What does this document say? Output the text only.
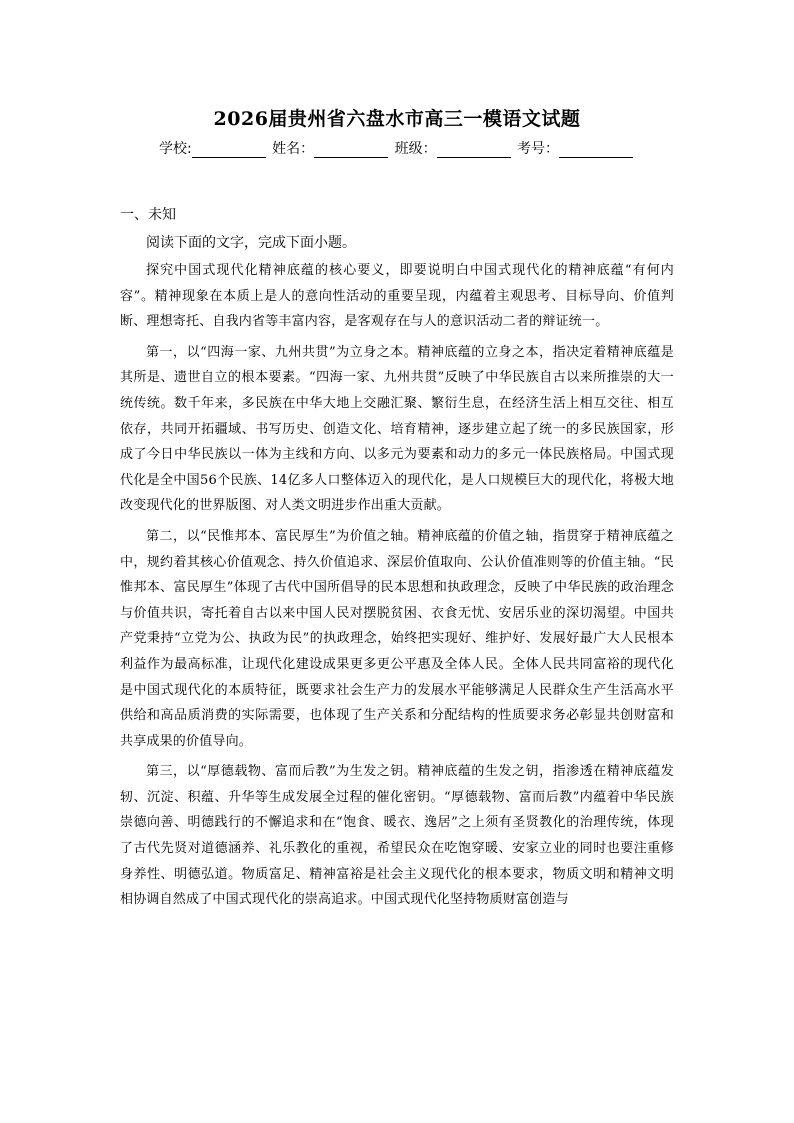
2026届贵州省六盘水市高三一模语文试题
学校:	姓名：	班级：	考号：
一、未知
阅读下面的文字，完成下面小题。

探究中国式现代化精神底蕴的核心要义，即要说明白中国式现代化的精神底蕴“有何内容”。精神现象在本质上是人的意向性活动的重要呈现，内蕴着主观思考、目标导向、价值判断、理想寄托、自我内省等丰富内容，是客观存在与人的意识活动二者的辩证统一。

第一，以“四海一家、九州共贯”为立身之本。精神底蕴的立身之本，指决定着精神底蕴是其所是、遗世自立的根本要素。“四海一家、九州共贯”反映了中华民族自古以来所推崇的大一统传统。数千年来，多民族在中华大地上交融汇聚、繁衍生息，在经济生活上相互交往、相互依存，共同开拓疆域、书写历史、创造文化、培育精神，逐步建立起了统一的多民族国家，形成了今日中华民族以一体为主线和方向、以多元为要素和动力的多元一体民族格局。中国式现代化是全中国56个民族、14亿多人口整体迈入的现代化，是人口规模巨大的现代化，将极大地改变现代化的世界版图、对人类文明进步作出重大贡献。

第二，以“民惟邦本、富民厚生”为价值之轴。精神底蕴的价值之轴，指贯穿于精神底蕴之中，规约着其核心价值观念、持久价值追求、深层价值取向、公认价值准则等的价值主轴。“民惟邦本、富民厚生”体现了古代中国所倡导的民本思想和执政理念，反映了中华民族的政治理念与价值共识，寄托着自古以来中国人民对摆脱贫困、衣食无忧、安居乐业的深切渴望。中国共产党秉持“立党为公、执政为民”的执政理念，始终把实现好、维护好、发展好最广大人民根本利益作为最高标准，让现代化建设成果更多更公平惠及全体人民。全体人民共同富裕的现代化是中国式现代化的本质特征，既要求社会生产力的发展水平能够满足人民群众生产生活高水平供给和高品质消费的实际需要，也体现了生产关系和分配结构的性质要求务必彰显共创财富和共享成果的价值导向。

第三，以“厚德载物、富而后教”为生发之钥。精神底蕴的生发之钥，指渗透在精神底蕴发轫、沉淀、积蕴、升华等生成发展全过程的催化密钥。“厚德载物、富而后教”内蕴着中华民族崇德向善、明德践行的不懈追求和在“饱食、暖衣、逸居”之上须有圣贤教化的治理传统，体现了古代先贤对道德涵养、礼乐教化的重视，希望民众在吃饱穿暖、安家立业的同时也要注重修身养性、明德弘道。物质富足、精神富裕是社会主义现代化的根本要求，物质文明和精神文明相协调自然成了中国式现代化的崇高追求。中国式现代化坚持物质财富创造与
